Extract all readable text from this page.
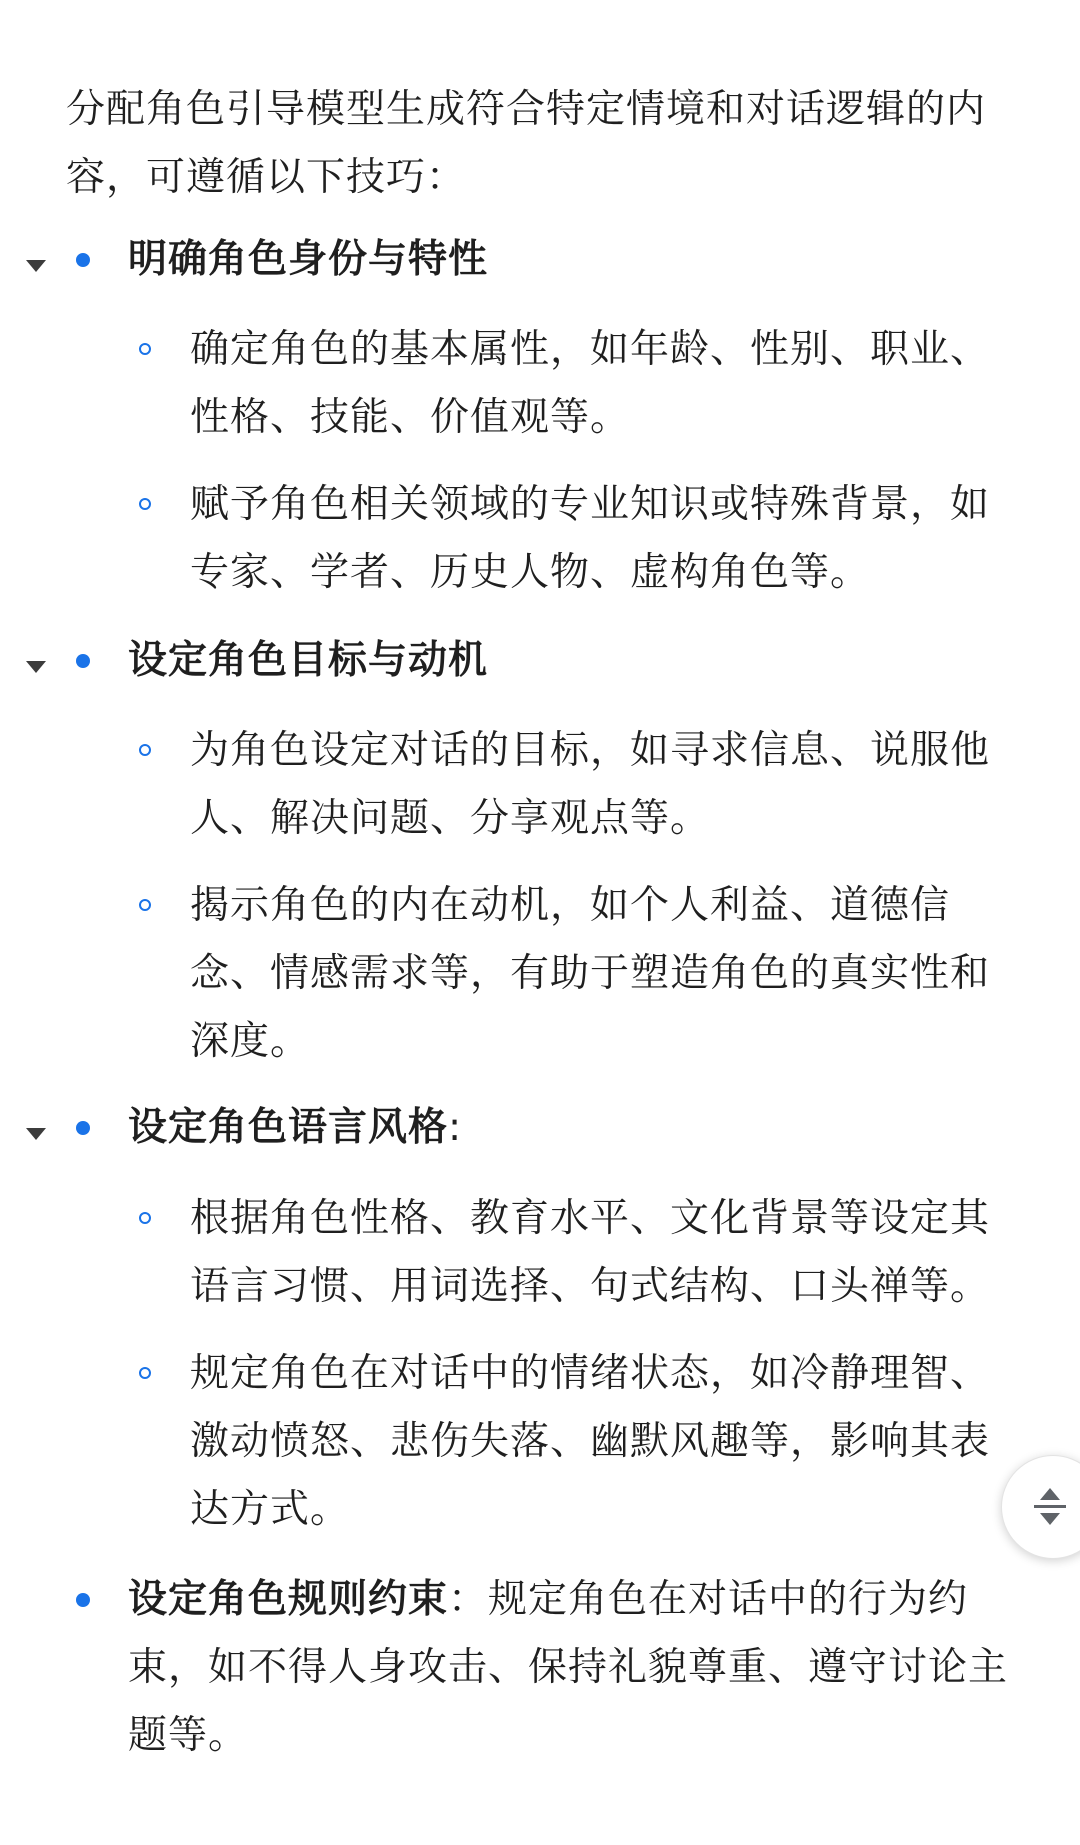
分配角色引导模型生成符合特定情境和对话逻辑的内容，可遵循以下技巧：
明确角色身份与特性
确定角色的基本属性，如年龄、性别、职业、性格、技能、价值观等。
赋予角色相关领域的专业知识或特殊背景，如专家、学者、历史人物、虚构角色等。
设定角色目标与动机
为角色设定对话的目标，如寻求信息、说服他人、解决问题、分享观点等。
揭示角色的内在动机，如个人利益、道德信念、情感需求等，有助于塑造角色的真实性和深度。
设定角色语言风格:
根据角色性格、教育水平、文化背景等设定其语言习惯、用词选择、句式结构、口头禅等。
规定角色在对话中的情绪状态，如冷静理智、激动愤怒、悲伤失落、幽默风趣等，影响其表达方式。
设定角色规则约束：规定角色在对话中的行为约束，如不得人身攻击、保持礼貌尊重、遵守讨论主题等。
